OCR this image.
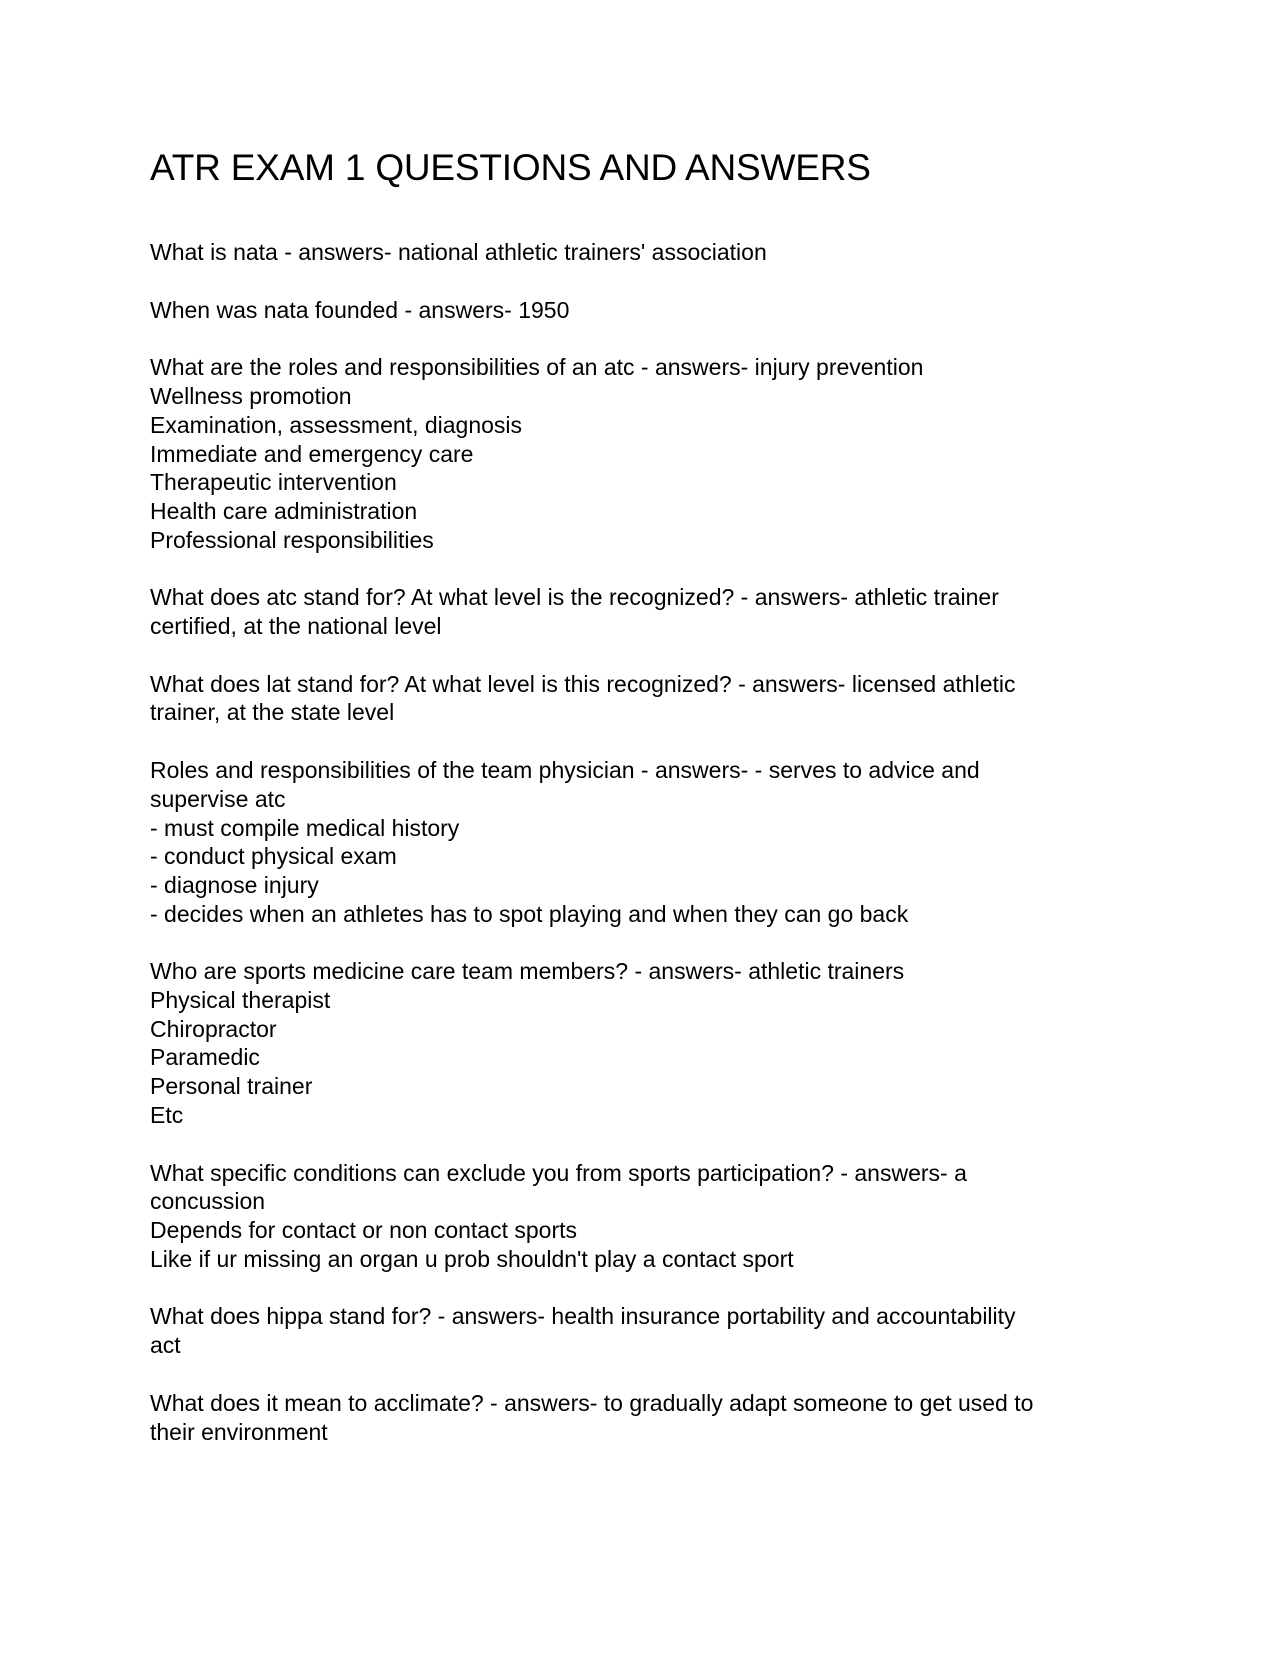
ATR EXAM 1 QUESTIONS AND ANSWERS

What is nata - answers- national athletic trainers' association

When was nata founded - answers- 1950

What are the roles and responsibilities of an atc - answers- injury prevention

Wellness promotion

Examination, assessment, diagnosis

Immediate and emergency care

Therapeutic intervention

Health care administration

Professional responsibilities

What does atc stand for? At what level is the recognized? - answers- athletic trainer

certified, at the national level

What does lat stand for? At what level is this recognized? - answers- licensed athletic

trainer, at the state level

Roles and responsibilities of the team physician - answers- - serves to advice and

supervise atc

- must compile medical history

- conduct physical exam

- diagnose injury

- decides when an athletes has to spot playing and when they can go back

Who are sports medicine care team members? - answers- athletic trainers

Physical therapist

Chiropractor

Paramedic

Personal trainer

Etc

What specific conditions can exclude you from sports participation? - answers- a

concussion

Depends for contact or non contact sports

Like if ur missing an organ u prob shouldn't play a contact sport

What does hippa stand for? - answers- health insurance portability and accountability

act

What does it mean to acclimate? - answers- to gradually adapt someone to get used to

their environment
